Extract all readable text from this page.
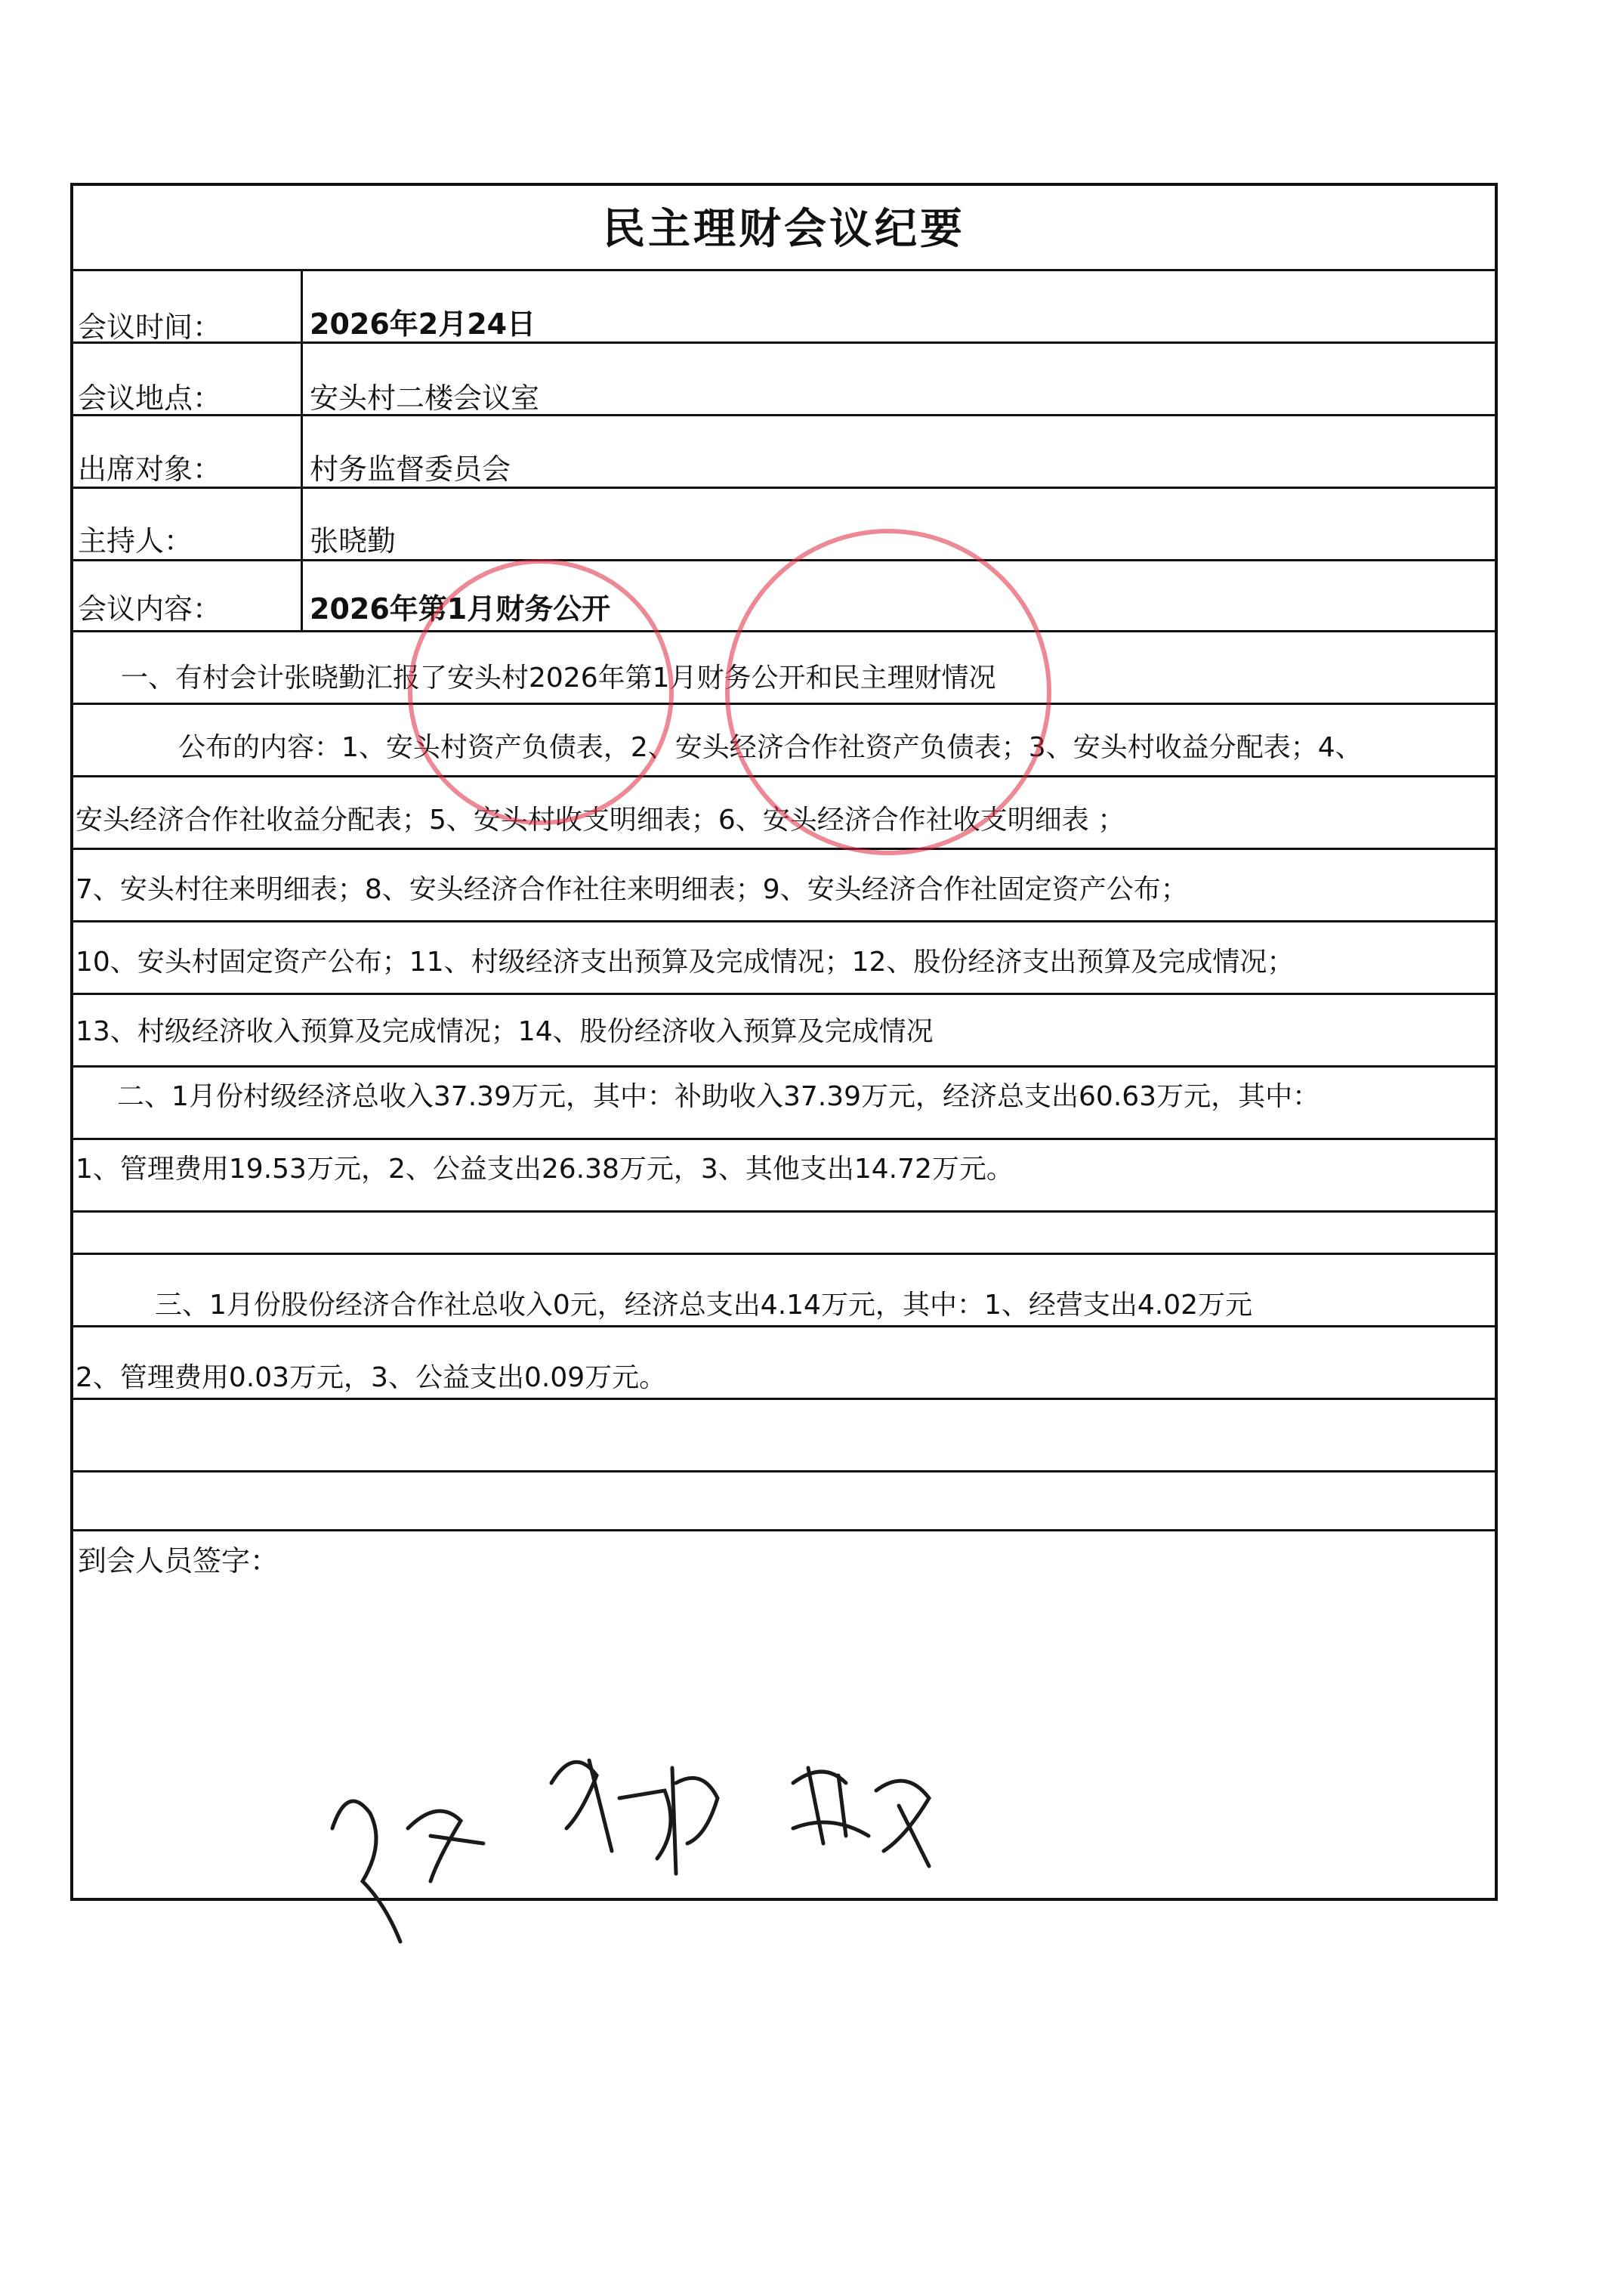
民主理财会议纪要
会议时间：	2026年2月24日
会议地点：	安头村二楼会议室
出席对象：	村务监督委员会
主持人：	张晓勤
会议内容：	2026年第1月财务公开
一、有村会计张晓勤汇报了安头村2026年第1月财务公开和民主理财情况
公布的内容：1、安头村资产负债表，2、安头经济合作社资产负债表；3、安头村收益分配表；4、
安头经济合作社收益分配表；5、安头村收支明细表；6、安头经济合作社收支明细表 ；
7、安头村往来明细表；8、安头经济合作社往来明细表；9、安头经济合作社固定资产公布；
10、安头村固定资产公布；11、村级经济支出预算及完成情况；12、股份经济支出预算及完成情况；
13、村级经济收入预算及完成情况；14、股份经济收入预算及完成情况
二、1月份村级经济总收入37.39万元，其中：补助收入37.39万元，经济总支出60.63万元，其中：
1、管理费用19.53万元，2、公益支出26.38万元，3、其他支出14.72万元。
三、1月份股份经济合作社总收入0元，经济总支出4.14万元，其中：1、经营支出4.02万元
2、管理费用0.03万元，3、公益支出0.09万元。
到会人员签字：
